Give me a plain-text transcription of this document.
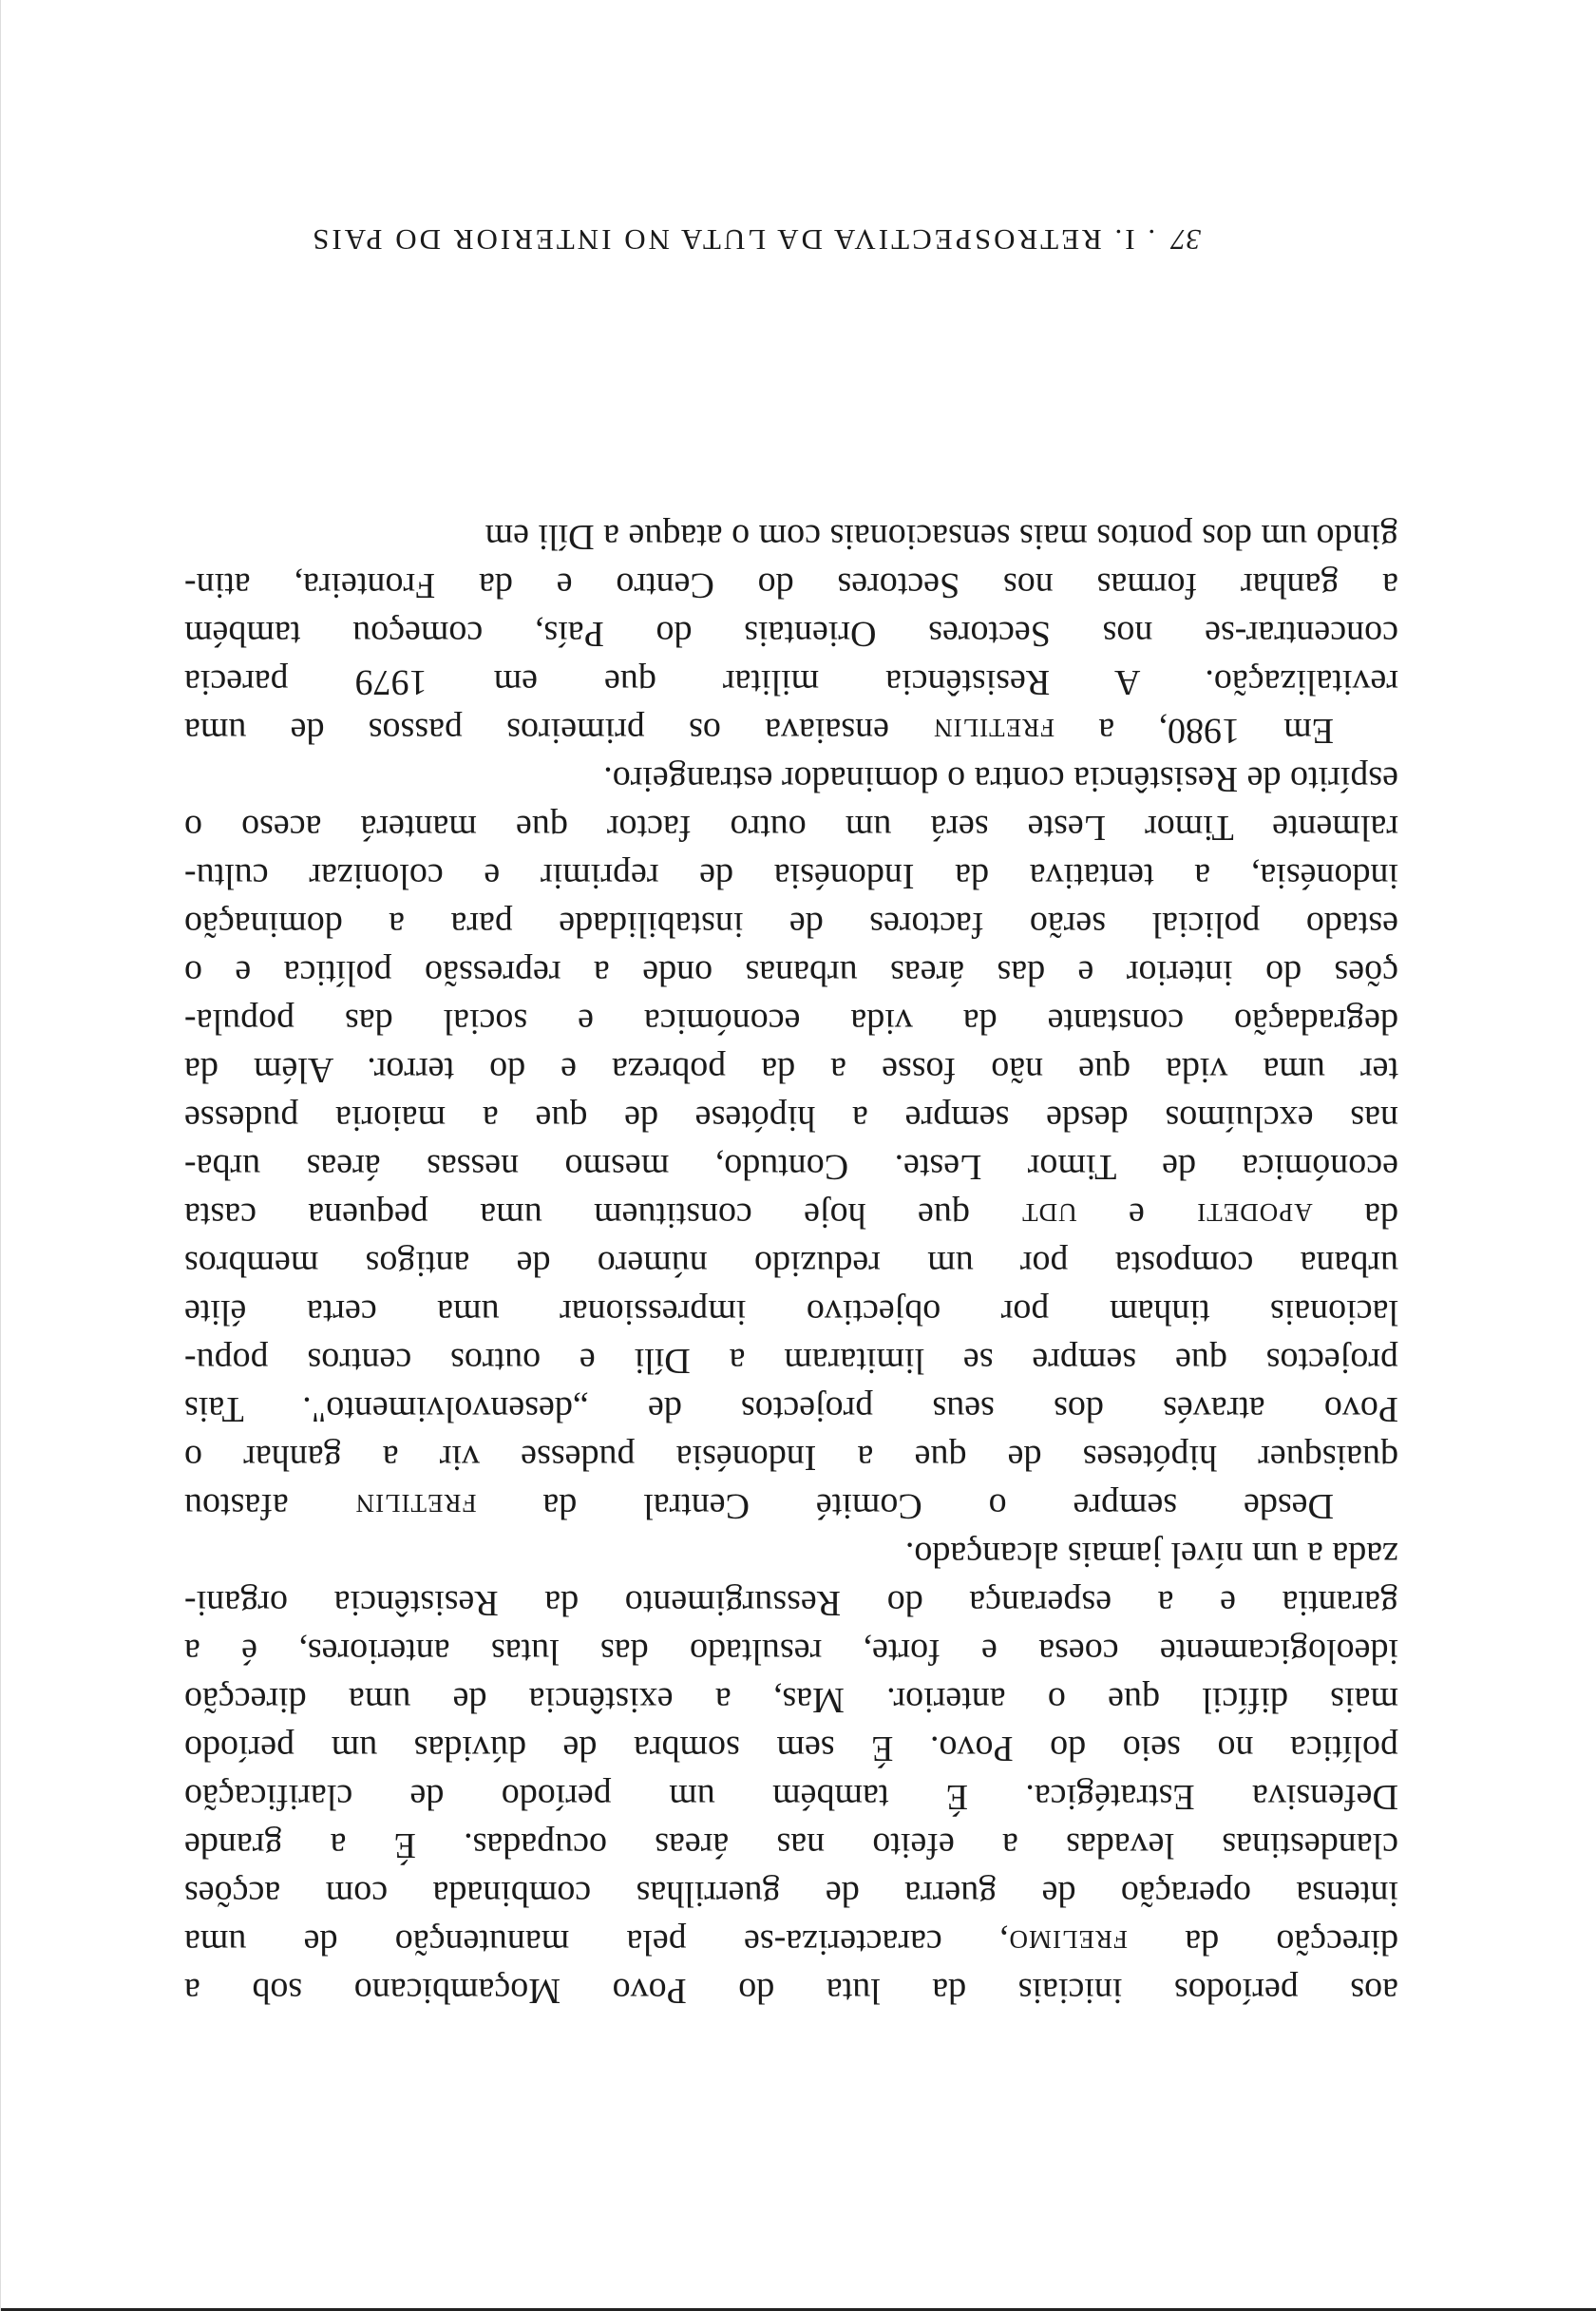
37 . I. RETROSPECTIVA DA LUTA NO INTERIOR DO PAIS
aos períodos iniciais da luta do Povo Moçambicano sob a
direcção da FRELIMO, caracteriza-se pela manutenção de uma
intensa operação de guerra de guerrilhas combinada com acções
clandestinas levadas a efeito nas áreas ocupadas. É a grande
Defensiva Estratégica. É também um período de clarificação
política no seio do Povo. É sem sombra de dúvidas um período
mais difícil que o anterior. Mas, a existência de uma direcção
ideologicamente coesa e forte, resultado das lutas anteriores, é a
garantia e a esperança do Ressurgimento da Resistência organi-
zada a um nível jamais alcançado.
Desde sempre o Comité Central da FRETILIN afastou
quaisquer hipóteses de que a Indonésia pudesse vir a ganhar o
Povo através dos seus projectos de „desenvolvimento". Tais
projectos que sempre se limitaram a Díli e outros centros popu-
lacionais tinham por objectivo impressionar uma certa élite
urbana composta por um reduzido número de antigos membros
da APODETI e UDT que hoje constituem uma pequena casta
económica de Timor Leste. Contudo, mesmo nessas áreas urba-
nas excluímos desde sempre a hipótese de que a maioria pudesse
ter uma vida que não fosse a da pobreza e do terror. Além da
degradação constante da vida económica e social das popula-
ções do interior e das áreas urbanas onde a repressão política e o
estado policial serão factores de instabilidade para a dominação
indonésia, a tentativa da Indonésia de reprimir e colonizar cultu-
ralmente Timor Leste será um outro factor que manterá aceso o
espírito de Resistência contra o dominador estrangeiro.
Em 1980, a FRETILIN ensaiava os primeiros passos de uma
revitalização. A Resistência militar que em 1979 parecia
concentrar-se nos Sectores Orientais do País, começou também
a ganhar formas nos Sectores do Centro e da Fronteira, atin-
gindo um dos pontos mais sensacionais com o ataque a Díli em
